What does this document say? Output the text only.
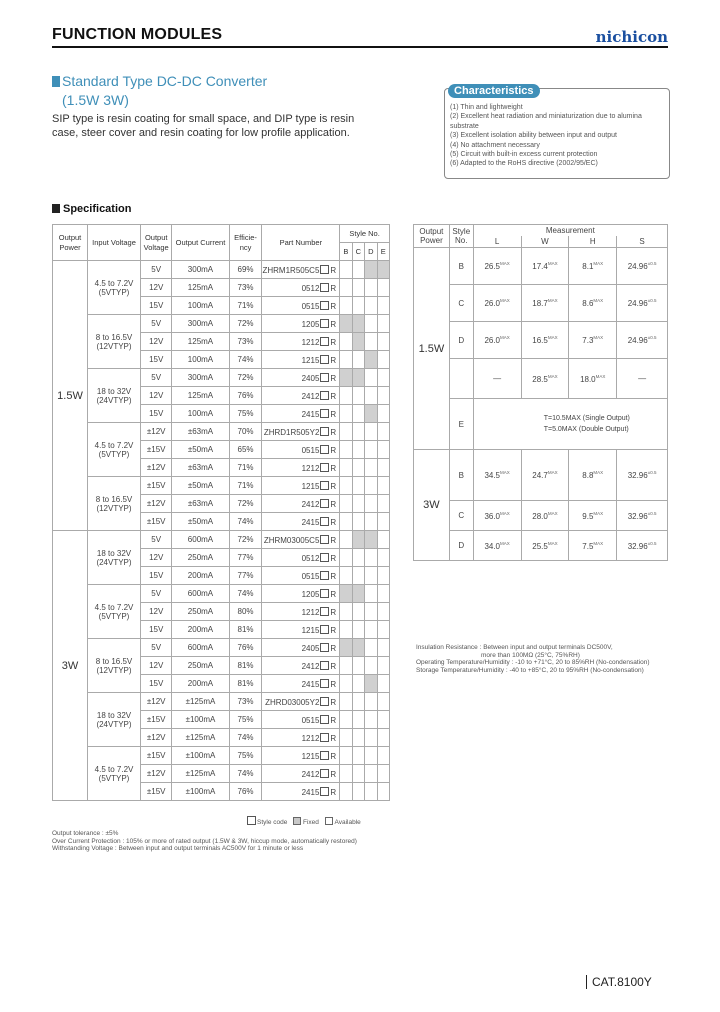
FUNCTION MODULES	nichicon
Standard Type DC-DC Converter
(1.5W 3W)
SIP type is resin coating for small space, and DIP type is resin case, steer cover and resin coating for low profile application.
Characteristics
(1) Thin and lightweight
(2) Excellent heat radiation and miniaturization due to alumina substrate
(3) Excellent isolation ability between input and output
(4) No attachment necessary
(5) Circuit with built-in excess current protection
(6) Adapted to the RoHS directive (2002/95/EC)
Specification
Output
Power	Input Voltage	Output
Voltage	Output Current	Efficie-
ncy	Part Number	Style No.			
						B	C	D	E
1.5W	4.5 to 7.2V
(5VTYP)	5V	300mA	69%	ZHRM1R505C5 R				
		12V	125mA	73%	0512 R				
		15V	100mA	71%	0515 R				
	8 to 16.5V
(12VTYP)	5V	300mA	72%	1205 R				
		12V	125mA	73%	1212 R				
		15V	100mA	74%	1215 R				
	18 to 32V
(24VTYP)	5V	300mA	72%	2405 R				
		12V	125mA	76%	2412 R				
		15V	100mA	75%	2415 R				
	4.5 to 7.2V
(5VTYP)	±12V	±63mA	70%	ZHRD1R505Y2 R				
		±15V	±50mA	65%	0515 R				
		±12V	±63mA	71%	1212 R				
	8 to 16.5V
(12VTYP)	±15V	±50mA	71%	1215 R				
		±12V	±63mA	72%	2412 R				
		±15V	±50mA	74%	2415 R				
3W	18 to 32V
(24VTYP)	5V	600mA	72%	ZHRM03005C5 R				
		12V	250mA	77%	0512 R				
		15V	200mA	77%	0515 R				
	4.5 to 7.2V
(5VTYP)	5V	600mA	74%	1205 R				
		12V	250mA	80%	1212 R				
		15V	200mA	81%	1215 R				
	8 to 16.5V
(12VTYP)	5V	600mA	76%	2405 R				
		12V	250mA	81%	2412 R				
		15V	200mA	81%	2415 R				
	18 to 32V
(24VTYP)	±12V	±125mA	73%	ZHRD03005Y2 R				
		±15V	±100mA	75%	0515 R				
		±12V	±125mA	74%	1212 R				
	4.5 to 7.2V
(5VTYP)	±15V	±100mA	75%	1215 R				
		±12V	±125mA	74%	2412 R				
		±15V	±100mA	76%	2415 R				
Style code Fixed Available
Output tolerance : ±5%
Over Current Protection : 105% or more of rated output (1.5W & 3W, hiccup mode, automatically restored)
Withstanding Voltage : Between input and output terminals AC500V for 1 minute or less
Output
Power	Style
No.	Measurement			
		L	W	H	S
1.5W	B	$26.5^{MAX}$	$17.4^{MAX}$	$8.1^{MAX}$	$24.96^{\pm 0.5}$
	C	$26.0^{MAX}$	$18.7^{MAX}$	$8.6^{MAX}$	$24.96^{\pm 0.5}$
	D	$26.0^{MAX}$	$16.5^{MAX}$	$7.3^{MAX}$	$24.96^{\pm 0.5}$
		—	$28.5^{MAX}$	$18.0^{MAX}$	—
	E	T=10.5MAX (Single Output)
T=5.0MAX (Double Output)			

3W	B	$34.5^{MAX}$	$24.7^{MAX}$	$8.8^{MAX}$	$32.96^{\pm 0.5}$
	C	$36.0^{MAX}$	$28.0^{MAX}$	$9.5^{MAX}$	$32.96^{\pm 0.5}$
	D	$34.0^{MAX}$	$25.5^{MAX}$	$7.5^{MAX}$	$32.96^{\pm 0.5}$
Insulation Resistance : Between input and output terminals DC500V,
more than 100MΩ (25°C, 75%RH)
Operating Temperature/Humidity : -10 to +71°C, 20 to 85%RH (No-condensation)
Storage Temperature/Humidity : -40 to +85°C, 20 to 95%RH (No-condensation)
CAT.8100Y
